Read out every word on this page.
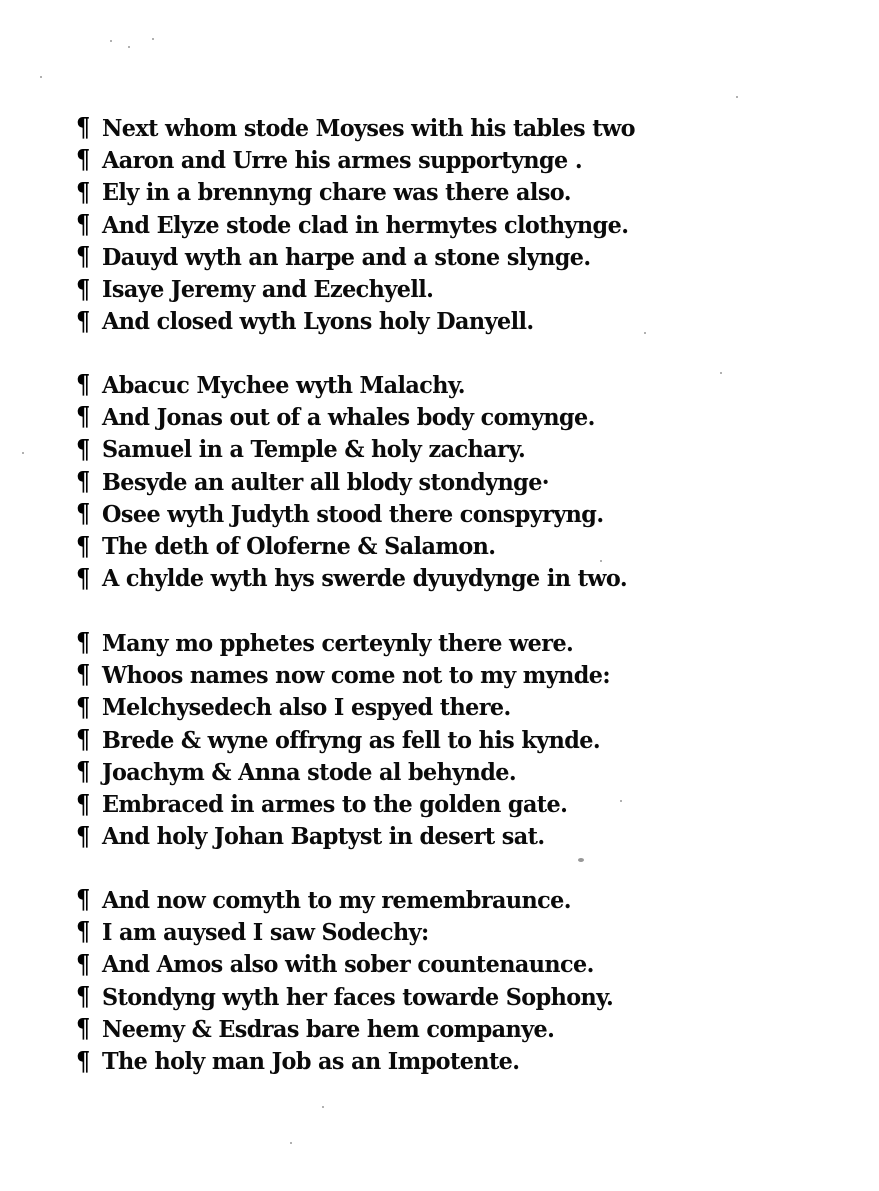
¶ Next whom stode Moyses with his tables two
¶ Aaron and Urre his armes supportynge .
¶ Ely in a brennyng chare was there also.
¶ And Elyze stode clad in hermytes clothynge.
¶ Dauyd wyth an harpe and a stone slynge.
¶ Isaye Jeremy and Ezechyell.
¶ And closed wyth Lyons holy Danyell.
¶ Abacuc Mychee wyth Malachy.
¶ And Jonas out of a whales body comynge.
¶ Samuel in a Temple & holy zachary.
¶ Besyde an aulter all blody stondynge·
¶ Osee wyth Judyth stood there conspyryng.
¶ The deth of Oloferne & Salamon.
¶ A chylde wyth hys swerde dyuydynge in two.
¶ Many mo pphetes certeynly there were.
¶ Whoos names now come not to my mynde:
¶ Melchysedech also I espyed there.
¶ Brede & wyne offryng as fell to his kynde.
¶ Joachym & Anna stode al behynde.
¶ Embraced in armes to the golden gate.
¶ And holy Johan Baptyst in desert sat.
¶ And now comyth to my remembraunce.
¶ I am auysed I saw Sodechy:
¶ And Amos also with sober countenaunce.
¶ Stondyng wyth her faces towarde Sophony.
¶ Neemy & Esdras bare hem companye.
¶ The holy man Job as an Impotente.
